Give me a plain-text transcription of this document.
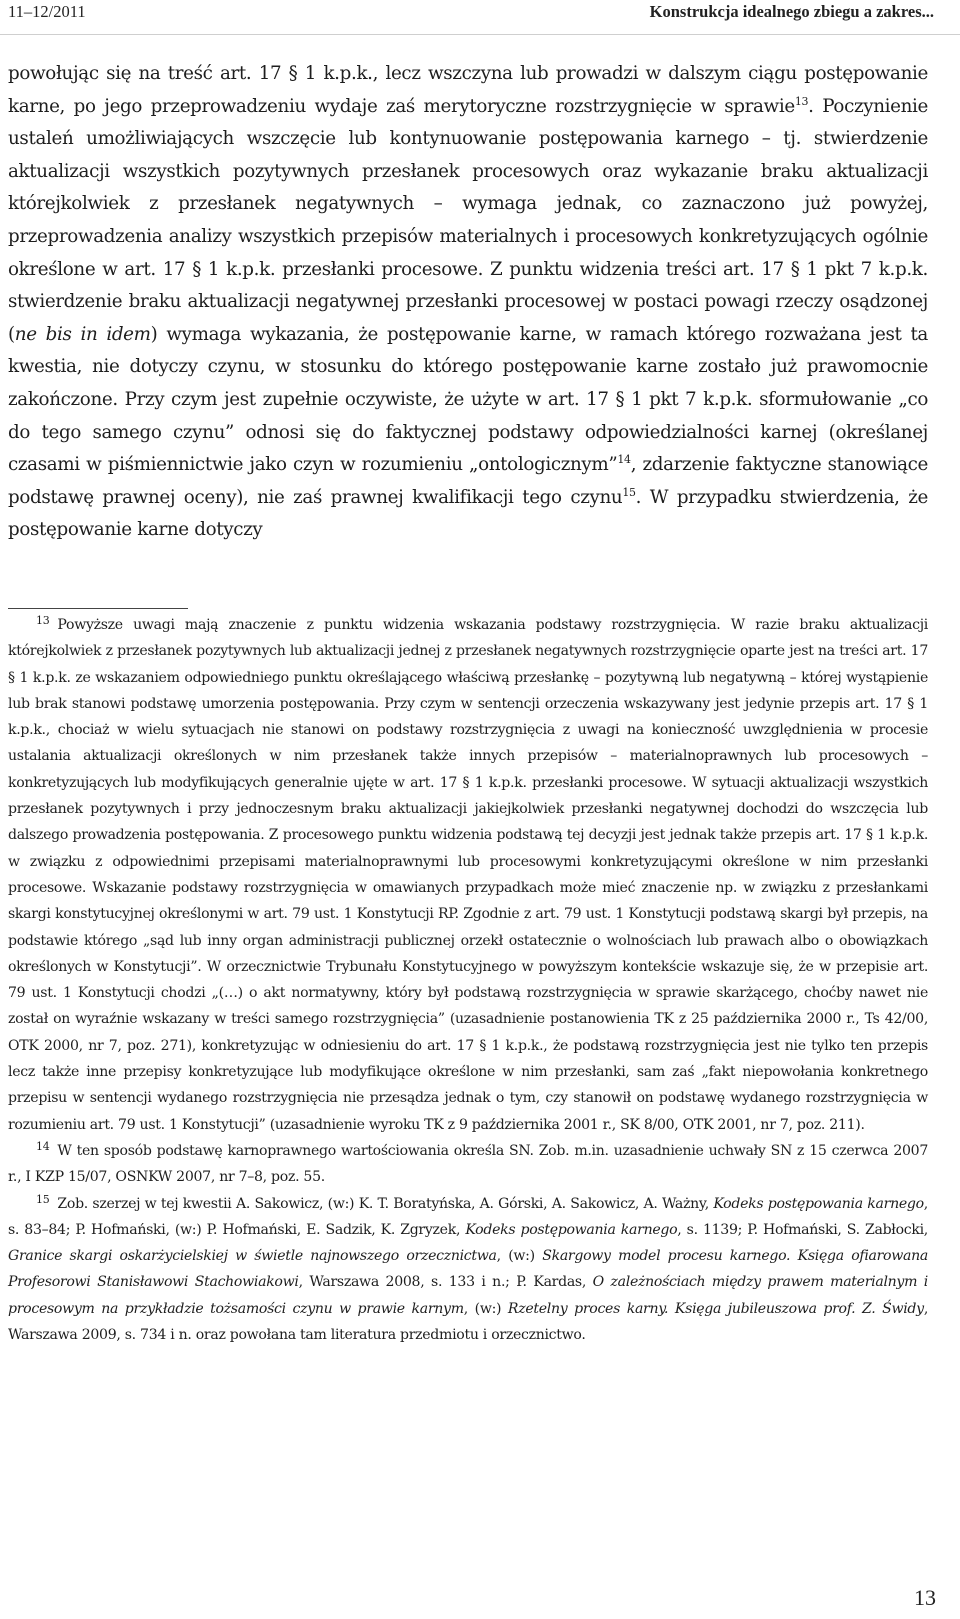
11–12/2011	Konstrukcja idealnego zbiegu a zakres...

powołując się na treść art. 17 § 1 k.p.k., lecz wszczyna lub prowadzi w dalszym ciągu postępowanie karne, po jego przeprowadzeniu wydaje zaś merytoryczne rozstrzygnięcie w sprawie$^{13}$. Poczynienie ustaleń umożliwiających wszczęcie lub kontynuowanie postępowania karnego – tj. stwierdzenie aktualizacji wszystkich pozytywnych przesłanek procesowych oraz wykazanie braku aktualizacji którejkolwiek z przesłanek negatywnych – wymaga jednak, co zaznaczono już powyżej, przeprowadzenia analizy wszystkich przepisów materialnych i procesowych konkretyzujących ogólnie określone w art. 17 § 1 k.p.k. przesłanki procesowe. Z punktu widzenia treści art. 17 § 1 pkt 7 k.p.k. stwierdzenie braku aktualizacji negatywnej przesłanki procesowej w postaci powagi rzeczy osądzonej (ne bis in idem) wymaga wykazania, że postępowanie karne, w ramach którego rozważana jest ta kwestia, nie dotyczy czynu, w stosunku do którego postępowanie karne zostało już prawomocnie zakończone. Przy czym jest zupełnie oczywiste, że użyte w art. 17 § 1 pkt 7 k.p.k. sformułowanie „co do tego samego czynu” odnosi się do faktycznej podstawy odpowiedzialności karnej (określanej czasami w piśmiennictwie jako czyn w rozumieniu „ontologicznym”$^{14}$, zdarzenie faktyczne stanowiące podstawę prawnej oceny), nie zaś prawnej kwalifikacji tego czynu$^{15}$. W przypadku stwierdzenia, że postępowanie karne dotyczy

$^{13}$ Powyższe uwagi mają znaczenie z punktu widzenia wskazania podstawy rozstrzygnięcia. W razie braku aktualizacji którejkolwiek z przesłanek pozytywnych lub aktualizacji jednej z przesłanek negatywnych rozstrzygnięcie oparte jest na treści art. 17 § 1 k.p.k. ze wskazaniem odpowiedniego punktu określającego właściwą przesłankę – pozytywną lub negatywną – której wystąpienie lub brak stanowi podstawę umorzenia postępowania. Przy czym w sentencji orzeczenia wskazywany jest jedynie przepis art. 17 § 1 k.p.k., chociaż w wielu sytuacjach nie stanowi on podstawy rozstrzygnięcia z uwagi na konieczność uwzględnienia w procesie ustalania aktualizacji określonych w nim przesłanek także innych przepisów – materialnoprawnych lub procesowych – konkretyzujących lub modyfikujących generalnie ujęte w art. 17 § 1 k.p.k. przesłanki procesowe. W sytuacji aktualizacji wszystkich przesłanek pozytywnych i przy jednoczesnym braku aktualizacji jakiejkolwiek przesłanki negatywnej dochodzi do wszczęcia lub dalszego prowadzenia postępowania. Z procesowego punktu widzenia podstawą tej decyzji jest jednak także przepis art. 17 § 1 k.p.k. w związku z odpowiednimi przepisami materialnoprawnymi lub procesowymi konkretyzującymi określone w nim przesłanki procesowe. Wskazanie podstawy rozstrzygnięcia w omawianych przypadkach może mieć znaczenie np. w związku z przesłankami skargi konstytucyjnej określonymi w art. 79 ust. 1 Konstytucji RP. Zgodnie z art. 79 ust. 1 Konstytucji podstawą skargi był przepis, na podstawie którego „sąd lub inny organ administracji publicznej orzekł ostatecznie o wolnościach lub prawach albo o obowiązkach określonych w Konstytucji”. W orzecznictwie Trybunału Konstytucyjnego w powyższym kontekście wskazuje się, że w przepisie art. 79 ust. 1 Konstytucji chodzi „(…) o akt normatywny, który był podstawą rozstrzygnięcia w sprawie skarżącego, choćby nawet nie został on wyraźnie wskazany w treści samego rozstrzygnięcia” (uzasadnienie postanowienia TK z 25 października 2000 r., Ts 42/00, OTK 2000, nr 7, poz. 271), konkretyzując w odniesieniu do art. 17 § 1 k.p.k., że podstawą rozstrzygnięcia jest nie tylko ten przepis lecz także inne przepisy konkretyzujące lub modyfikujące określone w nim przesłanki, sam zaś „fakt niepowołania konkretnego przepisu w sentencji wydanego rozstrzygnięcia nie przesądza jednak o tym, czy stanowił on podstawę wydanego rozstrzygnięcia w rozumieniu art. 79 ust. 1 Konstytucji” (uzasadnienie wyroku TK z 9 października 2001 r., SK 8/00, OTK 2001, nr 7, poz. 211).

$^{14}$ W ten sposób podstawę karnoprawnego wartościowania określa SN. Zob. m.in. uzasadnienie uchwały SN z 15 czerwca 2007 r., I KZP 15/07, OSNKW 2007, nr 7–8, poz. 55.

$^{15}$ Zob. szerzej w tej kwestii A. Sakowicz, (w:) K. T. Boratyńska, A. Górski, A. Sakowicz, A. Ważny, Kodeks postępowania karnego, s. 83–84; P. Hofmański, (w:) P. Hofmański, E. Sadzik, K. Zgryzek, Kodeks postępowania karnego, s. 1139; P. Hofmański, S. Zabłocki, Granice skargi oskarżycielskiej w świetle najnowszego orzecznictwa, (w:) Skargowy model procesu karnego. Księga ofiarowana Profesorowi Stanisławowi Stachowiakowi, Warszawa 2008, s. 133 i n.; P. Kardas, O zależnościach między prawem materialnym i procesowym na przykładzie tożsamości czynu w prawie karnym, (w:) Rzetelny proces karny. Księga jubileuszowa prof. Z. Świdy, Warszawa 2009, s. 734 i n. oraz powołana tam literatura przedmiotu i orzecznictwo.

13
